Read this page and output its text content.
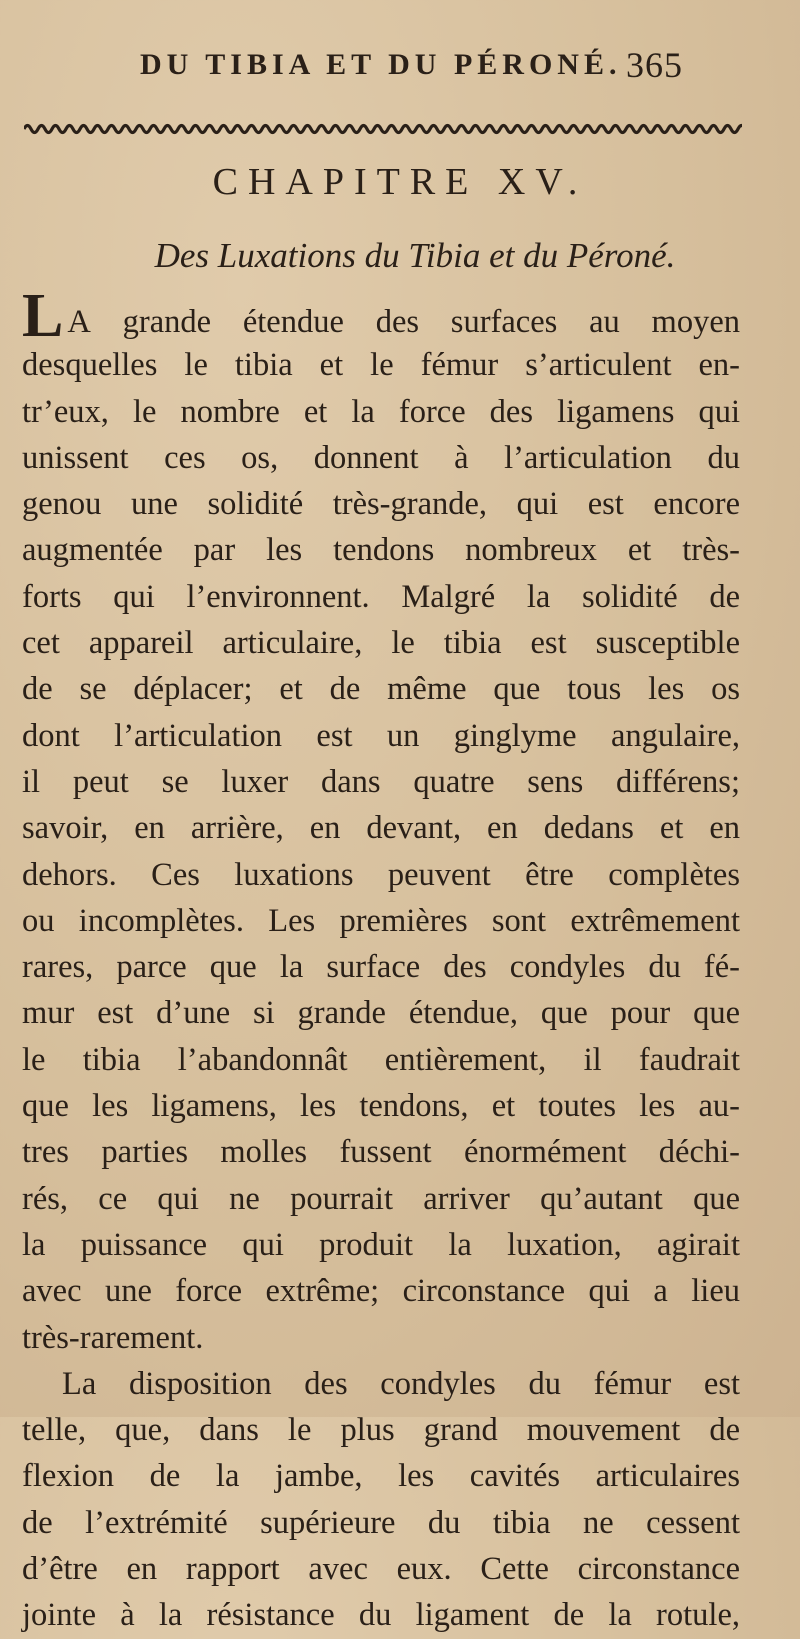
DU TIBIA ET DU PÉRONÉ. 365
CHAPITRE XV.
Des Luxations du Tibia et du Péroné.
L A grande étendue des surfaces au moyen
desquelles le tibia et le fémur s’articulent en-
tr’eux, le nombre et la force des ligamens qui
unissent ces os, donnent à l’articulation du
genou une solidité très-grande, qui est encore
augmentée par les tendons nombreux et très-
forts qui l’environnent. Malgré la solidité de
cet appareil articulaire, le tibia est susceptible
de se déplacer; et de même que tous les os
dont l’articulation est un ginglyme angulaire,
il peut se luxer dans quatre sens différens;
savoir, en arrière, en devant, en dedans et en
dehors. Ces luxations peuvent être complètes
ou incomplètes. Les premières sont extrêmement
rares, parce que la surface des condyles du fé-
mur est d’une si grande étendue, que pour que
le tibia l’abandonnât entièrement, il faudrait
que les ligamens, les tendons, et toutes les au-
tres parties molles fussent énormément déchi-
rés, ce qui ne pourrait arriver qu’autant que
la puissance qui produit la luxation, agirait
avec une force extrême; circonstance qui a lieu
très-rarement.
La disposition des condyles du fémur est
telle, que, dans le plus grand mouvement de
flexion de la jambe, les cavités articulaires
de l’extrémité supérieure du tibia ne cessent
d’être en rapport avec eux. Cette circonstance
jointe à la résistance du ligament de la rotule,
